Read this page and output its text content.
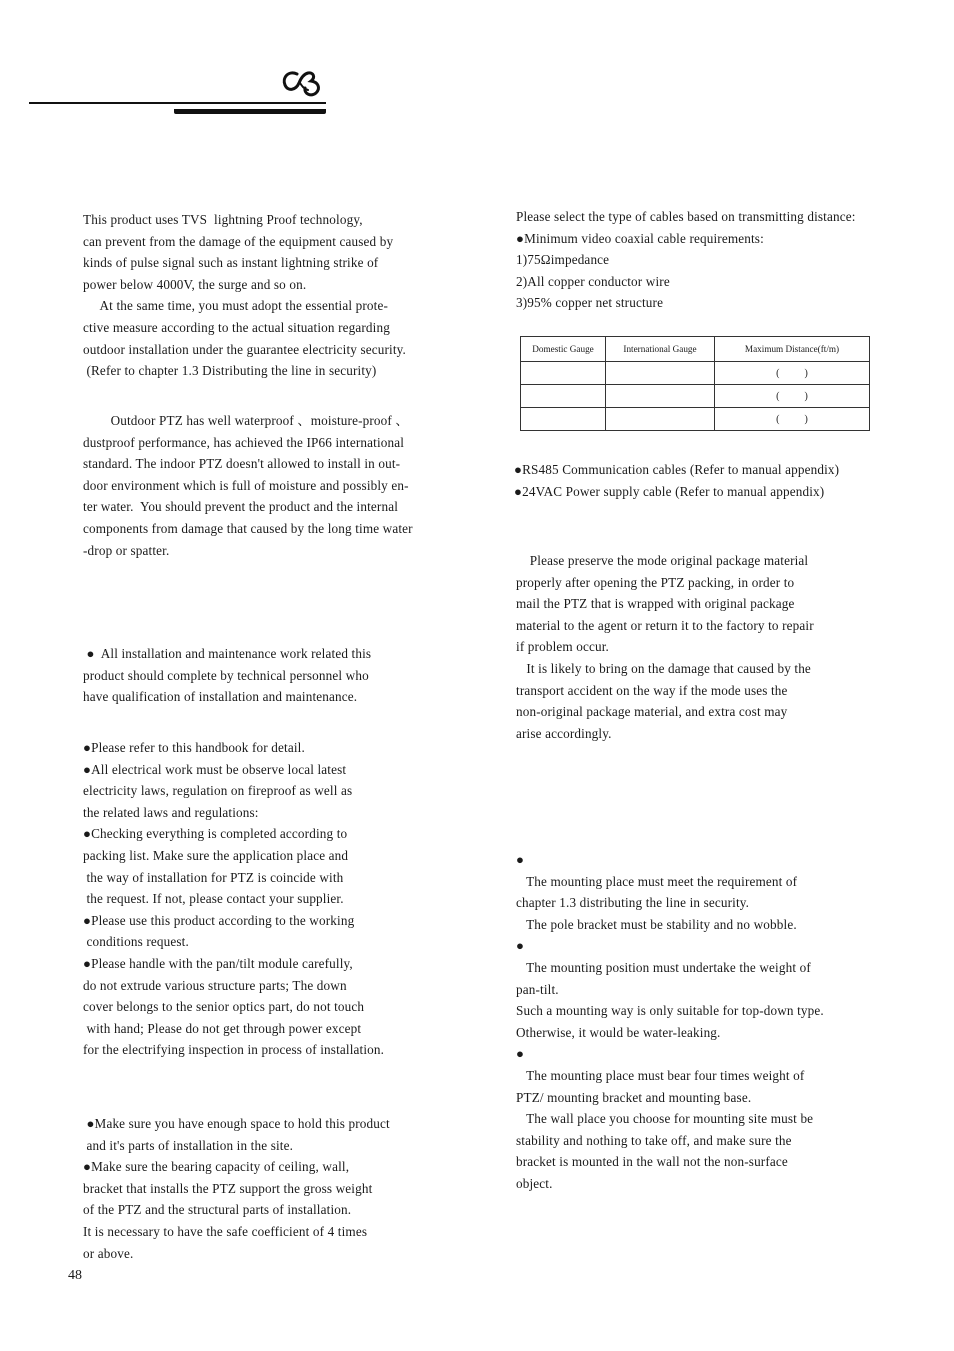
This product uses TVS  lightning Proof technology,
can prevent from the damage of the equipment caused by
kinds of pulse signal such as instant lightning strike of
power below 4000V, the surge and so on.
At the same time, you must adopt the essential prote-
ctive measure according to the actual situation regarding
outdoor installation under the guarantee electricity security.
(Refer to chapter 1.3 Distributing the line in security)
Outdoor PTZ has well waterproof 、moisture-proof 、
dustproof performance, has achieved the IP66 international
standard. The indoor PTZ doesn't allowed to install in out-
door environment which is full of moisture and possibly en-
ter water.  You should prevent the product and the internal
components from damage that caused by the long time water
-drop or spatter.
●  All installation and maintenance work related this
product should complete by technical personnel who
have qualification of installation and maintenance.
●Please refer to this handbook for detail.
●All electrical work must be observe local latest
electricity laws, regulation on fireproof as well as
the related laws and regulations:
●Checking everything is completed according to
packing list. Make sure the application place and
the way of installation for PTZ is coincide with
the request. If not, please contact your supplier.
●Please use this product according to the working
conditions request.
●Please handle with the pan/tilt module carefully,
do not extrude various structure parts; The down
cover belongs to the senior optics part, do not touch
with hand; Please do not get through power except
for the electrifying inspection in process of installation.
●Make sure you have enough space to hold this product
and it's parts of installation in the site.
●Make sure the bearing capacity of ceiling, wall,
bracket that installs the PTZ support the gross weight
of the PTZ and the structural parts of installation.
It is necessary to have the safe coefficient of 4 times
or above.
Please select the type of cables based on transmitting distance:
●Minimum video coaxial cable requirements:
1)75Ωimpedance
2)All copper conductor wire
3)95% copper net structure
Domestic Gauge	International Gauge	Maximum Distance(ft/m)
		(          )
		(          )
		(          )
●RS485 Communication cables (Refer to manual appendix)
●24VAC Power supply cable (Refer to manual appendix)
Please preserve the mode original package material
properly after opening the PTZ packing, in order to
mail the PTZ that is wrapped with original package
material to the agent or return it to the factory to repair
if problem occur.
It is likely to bring on the damage that caused by the
transport accident on the way if the mode uses the
non-original package material, and extra cost may
arise accordingly.
●
The mounting place must meet the requirement of
chapter 1.3 distributing the line in security.
The pole bracket must be stability and no wobble.
●
The mounting position must undertake the weight of
pan-tilt.
Such a mounting way is only suitable for top-down type.
Otherwise, it would be water-leaking.
●
The mounting place must bear four times weight of
PTZ/ mounting bracket and mounting base.
The wall place you choose for mounting site must be
stability and nothing to take off, and make sure the
bracket is mounted in the wall not the non-surface
object.
48
